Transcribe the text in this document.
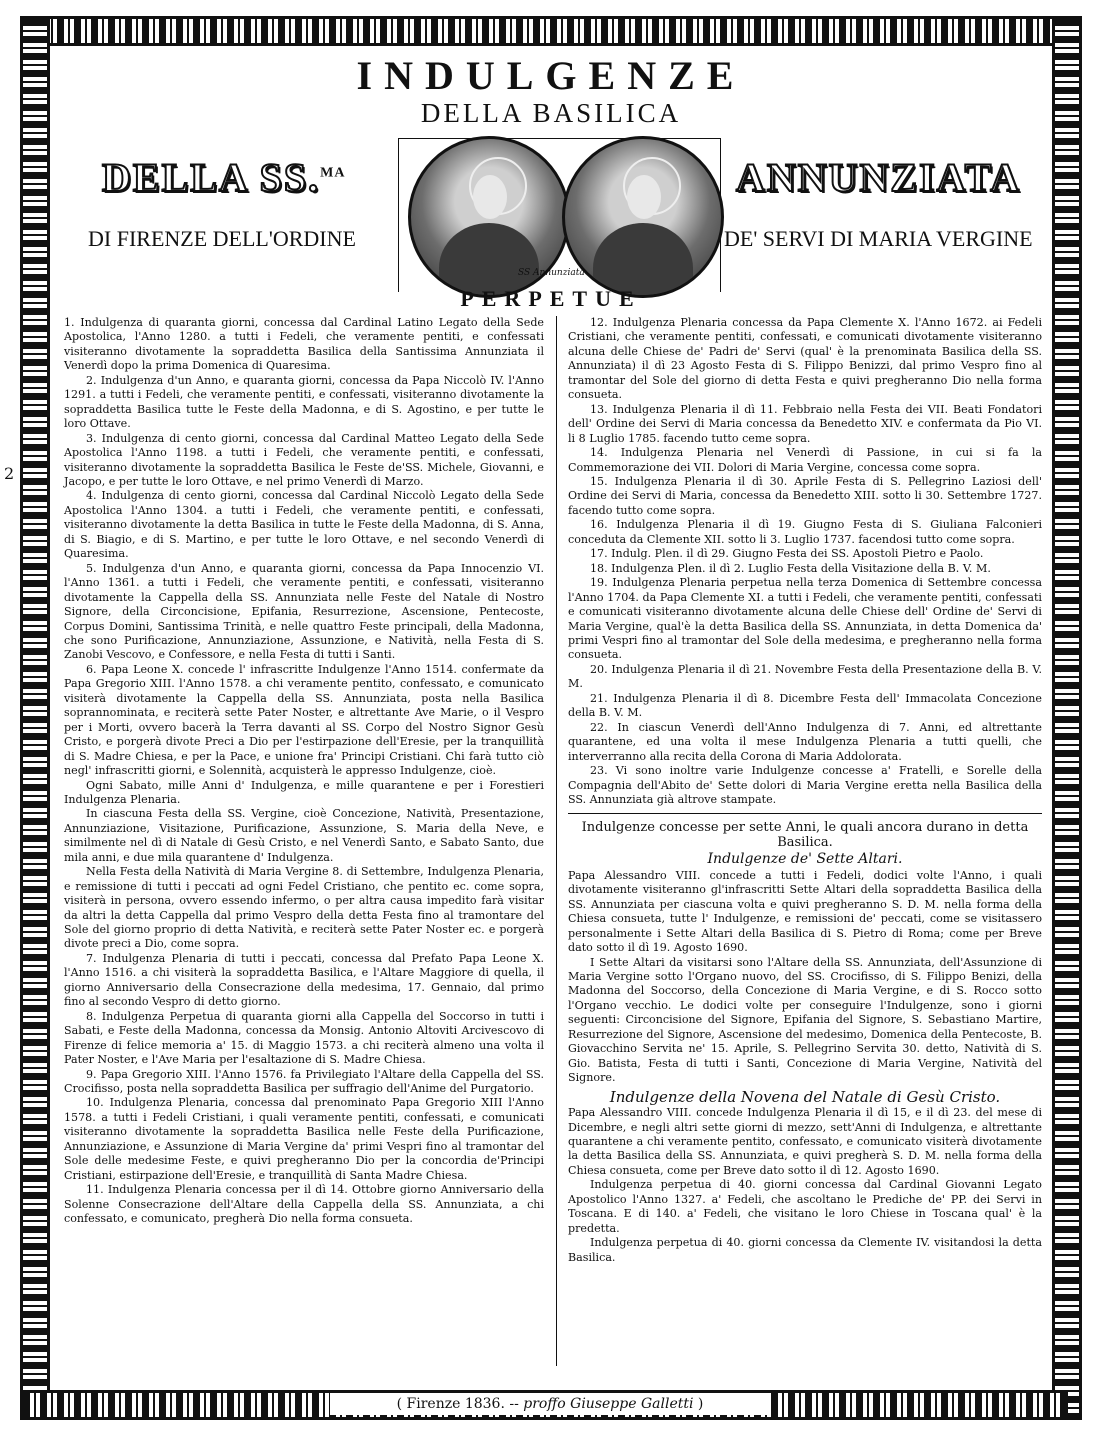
2
INDULGENZE
DELLA BASILICA
DELLA SS.$^{MA}$	ANNUNZIATA
DI FIRENZE DELL'ORDINE	DE' SERVI DI MARIA VERGINE
SS Annunziata
PERPETUE

1. Indulgenza di quaranta giorni, concessa dal Cardinal Latino Legato della Sede Apostolica, l'Anno 1280. a tutti i Fedeli, che veramente pentiti, e confessati visiteranno divotamente la sopraddetta Basilica della Santissima Annunziata il Venerdì dopo la prima Domenica di Quaresima.

2. Indulgenza d'un Anno, e quaranta giorni, concessa da Papa Niccolò IV. l'Anno 1291. a tutti i Fedeli, che veramente pentiti, e confessati, visiteranno divotamente la sopraddetta Basilica tutte le Feste della Madonna, e di S. Agostino, e per tutte le loro Ottave.

3. Indulgenza di cento giorni, concessa dal Cardinal Matteo Legato della Sede Apostolica l'Anno 1198. a tutti i Fedeli, che veramente pentiti, e confessati, visiteranno divotamente la sopraddetta Basilica le Feste de'SS. Michele, Giovanni, e Jacopo, e per tutte le loro Ottave, e nel primo Venerdì di Marzo.

4. Indulgenza di cento giorni, concessa dal Cardinal Niccolò Legato della Sede Apostolica l'Anno 1304. a tutti i Fedeli, che veramente pentiti, e confessati, visiteranno divotamente la detta Basilica in tutte le Feste della Madonna, di S. Anna, di S. Biagio, e di S. Martino, e per tutte le loro Ottave, e nel secondo Venerdì di Quaresima.

5. Indulgenza d'un Anno, e quaranta giorni, concessa da Papa Innocenzio VI. l'Anno 1361. a tutti i Fedeli, che veramente pentiti, e confessati, visiteranno divotamente la Cappella della SS. Annunziata nelle Feste del Natale di Nostro Signore, della Circoncisione, Epifania, Resurrezione, Ascensione, Pentecoste, Corpus Domini, Santissima Trinità, e nelle quattro Feste principali, della Madonna, che sono Purificazione, Annunziazione, Assunzione, e Natività, nella Festa di S. Zanobi Vescovo, e Confessore, e nella Festa di tutti i Santi.

6. Papa Leone X. concede l' infrascritte Indulgenze l'Anno 1514. confermate da Papa Gregorio XIII. l'Anno 1578. a chi veramente pentito, confessato, e comunicato visiterà divotamente la Cappella della SS. Annunziata, posta nella Basilica soprannominata, e reciterà sette Pater Noster, e altrettante Ave Marie, o il Vespro per i Morti, ovvero bacerà la Terra davanti al SS. Corpo del Nostro Signor Gesù Cristo, e porgerà divote Preci a Dio per l'estirpazione dell'Eresie, per la tranquillità di S. Madre Chiesa, e per la Pace, e unione fra' Principi Cristiani. Chi farà tutto ciò negl' infrascritti giorni, e Solennità, acquisterà le appresso Indulgenze, cioè.

Ogni Sabato, mille Anni d' Indulgenza, e mille quarantene e per i Forestieri Indulgenza Plenaria.

In ciascuna Festa della SS. Vergine, cioè Concezione, Natività, Presentazione, Annunziazione, Visitazione, Purificazione, Assunzione, S. Maria della Neve, e similmente nel dì di Natale di Gesù Cristo, e nel Venerdì Santo, e Sabato Santo, due mila anni, e due mila quarantene d' Indulgenza.

Nella Festa della Natività di Maria Vergine 8. di Settembre, Indulgenza Plenaria, e remissione di tutti i peccati ad ogni Fedel Cristiano, che pentito ec. come sopra, visiterà in persona, ovvero essendo infermo, o per altra causa impedito farà visitar da altri la detta Cappella dal primo Vespro della detta Festa fino al tramontare del Sole del giorno proprio di detta Natività, e reciterà sette Pater Noster ec. e porgerà divote preci a Dio, come sopra.

7. Indulgenza Plenaria di tutti i peccati, concessa dal Prefato Papa Leone X. l'Anno 1516. a chi visiterà la sopraddetta Basilica, e l'Altare Maggiore di quella, il giorno Anniversario della Consecrazione della medesima, 17. Gennaio, dal primo fino al secondo Vespro di detto giorno.

8. Indulgenza Perpetua di quaranta giorni alla Cappella del Soccorso in tutti i Sabati, e Feste della Madonna, concessa da Monsig. Antonio Altoviti Arcivescovo di Firenze di felice memoria a' 15. di Maggio 1573. a chi reciterà almeno una volta il Pater Noster, e l'Ave Maria per l'esaltazione di S. Madre Chiesa.

9. Papa Gregorio XIII. l'Anno 1576. fa Privilegiato l'Altare della Cappella del SS. Crocifisso, posta nella sopraddetta Basilica per suffragio dell'Anime del Purgatorio.

10. Indulgenza Plenaria, concessa dal prenominato Papa Gregorio XIII l'Anno 1578. a tutti i Fedeli Cristiani, i quali veramente pentiti, confessati, e comunicati visiteranno divotamente la sopraddetta Basilica nelle Feste della Purificazione, Annunziazione, e Assunzione di Maria Vergine da' primi Vespri fino al tramontar del Sole delle medesime Feste, e quivi pregheranno Dio per la concordia de'Principi Cristiani, estirpazione dell'Eresie, e tranquillità di Santa Madre Chiesa.

11. Indulgenza Plenaria concessa per il dì 14. Ottobre giorno Anniversario della Solenne Consecrazione dell'Altare della Cappella della SS. Annunziata, a chi confessato, e comunicato, pregherà Dio nella forma consueta.

12. Indulgenza Plenaria concessa da Papa Clemente X. l'Anno 1672. ai Fedeli Cristiani, che veramente pentiti, confessati, e comunicati divotamente visiteranno alcuna delle Chiese de' Padri de' Servi (qual' è la prenominata Basilica della SS. Annunziata) il dì 23 Agosto Festa di S. Filippo Benizzi, dal primo Vespro fino al tramontar del Sole del giorno di detta Festa e quivi pregheranno Dio nella forma consueta.

13. Indulgenza Plenaria il dì 11. Febbraio nella Festa dei VII. Beati Fondatori dell' Ordine dei Servi di Maria concessa da Benedetto XIV. e confermata da Pio VI. li 8 Luglio 1785. facendo tutto ceme sopra.

14. Indulgenza Plenaria nel Venerdì di Passione, in cui si fa la Commemorazione dei VII. Dolori di Maria Vergine, concessa come sopra.

15. Indulgenza Plenaria il dì 30. Aprile Festa di S. Pellegrino Laziosi dell' Ordine dei Servi di Maria, concessa da Benedetto XIII. sotto li 30. Settembre 1727. facendo tutto come sopra.

16. Indulgenza Plenaria il dì 19. Giugno Festa di S. Giuliana Falconieri conceduta da Clemente XII. sotto li 3. Luglio 1737. facendosi tutto come sopra.

17. Indulg. Plen. il dì 29. Giugno Festa dei SS. Apostoli Pietro e Paolo.

18. Indulgenza Plen. il dì 2. Luglio Festa della Visitazione della B. V. M.

19. Indulgenza Plenaria perpetua nella terza Domenica di Settembre concessa l'Anno 1704. da Papa Clemente XI. a tutti i Fedeli, che veramente pentiti, confessati e comunicati visiteranno divotamente alcuna delle Chiese dell' Ordine de' Servi di Maria Vergine, qual'è la detta Basilica della SS. Annunziata, in detta Domenica da' primi Vespri fino al tramontar del Sole della medesima, e pregheranno nella forma consueta.

20. Indulgenza Plenaria il dì 21. Novembre Festa della Presentazione della B. V. M.

21. Indulgenza Plenaria il dì 8. Dicembre Festa dell' Immacolata Concezione della B. V. M.

22. In ciascun Venerdì dell'Anno Indulgenza di 7. Anni, ed altrettante quarantene, ed una volta il mese Indulgenza Plenaria a tutti quelli, che interverranno alla recita della Corona di Maria Addolorata.

23. Vi sono inoltre varie Indulgenze concesse a' Fratelli, e Sorelle della Compagnia dell'Abito de' Sette dolori di Maria Vergine eretta nella Basilica della SS. Annunziata già altrove stampate.

Indulgenze concesse per sette Anni, le quali ancora durano in detta Basilica.
Indulgenze de' Sette Altari.

Papa Alessandro VIII. concede a tutti i Fedeli, dodici volte l'Anno, i quali divotamente visiteranno gl'infrascritti Sette Altari della sopraddetta Basilica della SS. Annunziata per ciascuna volta e quivi pregheranno S. D. M. nella forma della Chiesa consueta, tutte l' Indulgenze, e remissioni de' peccati, come se visitassero personalmente i Sette Altari della Basilica di S. Pietro di Roma; come per Breve dato sotto il dì 19. Agosto 1690.

I Sette Altari da visitarsi sono l'Altare della SS. Annunziata, dell'Assunzione di Maria Vergine sotto l'Organo nuovo, del SS. Crocifisso, di S. Filippo Benizi, della Madonna del Soccorso, della Concezione di Maria Vergine, e di S. Rocco sotto l'Organo vecchio. Le dodici volte per conseguire l'Indulgenze, sono i giorni seguenti: Circoncisione del Signore, Epifania del Signore, S. Sebastiano Martire, Resurrezione del Signore, Ascensione del medesimo, Domenica della Pentecoste, B. Giovacchino Servita ne' 15. Aprile, S. Pellegrino Servita 30. detto, Natività di S. Gio. Batista, Festa di tutti i Santi, Concezione di Maria Vergine, Natività del Signore.

Indulgenze della Novena del Natale di Gesù Cristo.

Papa Alessandro VIII. concede Indulgenza Plenaria il dì 15, e il dì 23. del mese di Dicembre, e negli altri sette giorni di mezzo, sett'Anni di Indulgenza, e altrettante quarantene a chi veramente pentito, confessato, e comunicato visiterà divotamente la detta Basilica della SS. Annunziata, e quivi pregherà S. D. M. nella forma della Chiesa consueta, come per Breve dato sotto il dì 12. Agosto 1690.

Indulgenza perpetua di 40. giorni concessa dal Cardinal Giovanni Legato Apostolico l'Anno 1327. a' Fedeli, che ascoltano le Prediche de' PP. dei Servi in Toscana. E di 140. a' Fedeli, che visitano le loro Chiese in Toscana qual' è la predetta.

Indulgenza perpetua di 40. giorni concessa da Clemente IV. visitandosi la detta Basilica.

( Firenze 1836. -- proffo Giuseppe Galletti )
